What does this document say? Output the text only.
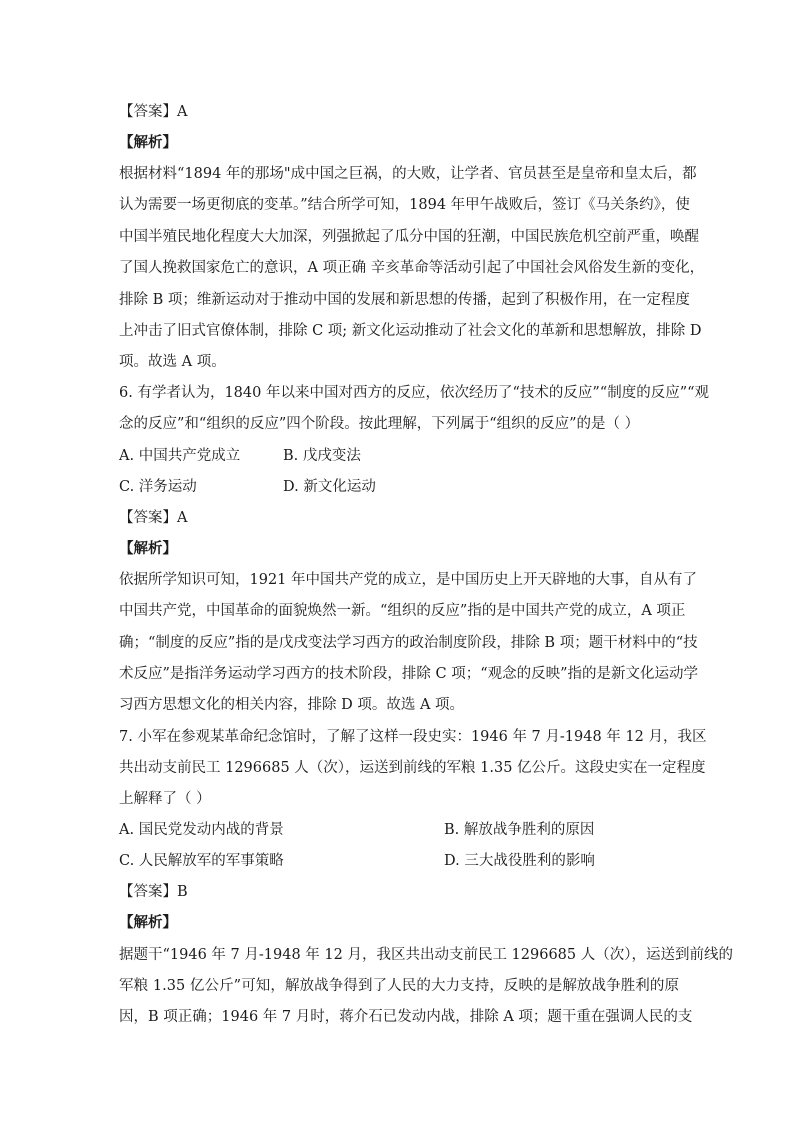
【答案】A
【解析】
根据材料“1894 年的那场"成中国之巨祸，的大败，让学者、官员甚至是皇帝和皇太后，都
认为需要一场更彻底的变革。”结合所学可知，1894 年甲午战败后，签订《马关条约》，使
中国半殖民地化程度大大加深，列强掀起了瓜分中国的狂潮，中国民族危机空前严重，唤醒
了国人挽救国家危亡的意识，A 项正确 辛亥革命等活动引起了中国社会风俗发生新的变化，
排除 B 项；维新运动对于推动中国的发展和新思想的传播，起到了积极作用，在一定程度
上冲击了旧式官僚体制，排除 C 项; 新文化运动推动了社会文化的革新和思想解放，排除 D
项。故选 A 项。
6. 有学者认为，1840 年以来中国对西方的反应，依次经历了“技术的反应”“制度的反应”“观
念的反应”和“组织的反应”四个阶段。按此理解，下列属于“组织的反应”的是（ ）
A. 中国共产党成立	B. 戊戌变法
C. 洋务运动	D. 新文化运动
【答案】A
【解析】
依据所学知识可知，1921 年中国共产党的成立，是中国历史上开天辟地的大事，自从有了
中国共产党，中国革命的面貌焕然一新。“组织的反应”指的是中国共产党的成立，A 项正
确；“制度的反应”指的是戊戌变法学习西方的政治制度阶段，排除 B 项；题干材料中的“技
术反应”是指洋务运动学习西方的技术阶段，排除 C 项；“观念的反映”指的是新文化运动学
习西方思想文化的相关内容，排除 D 项。故选 A 项。
7. 小军在参观某革命纪念馆时，了解了这样一段史实：1946 年 7 月-1948 年 12 月，我区
共出动支前民工 1296685 人（次），运送到前线的军粮 1.35 亿公斤。这段史实在一定程度
上解释了（ ）
A. 国民党发动内战的背景	B. 解放战争胜利的原因
C. 人民解放军的军事策略	D. 三大战役胜利的影响
【答案】B
【解析】
据题干“1946 年 7 月-1948 年 12 月，我区共出动支前民工 1296685 人（次），运送到前线的
军粮 1.35 亿公斤”可知，解放战争得到了人民的大力支持，反映的是解放战争胜利的原
因，B 项正确；1946 年 7 月时，蒋介石已发动内战，排除 A 项；题干重在强调人民的支
